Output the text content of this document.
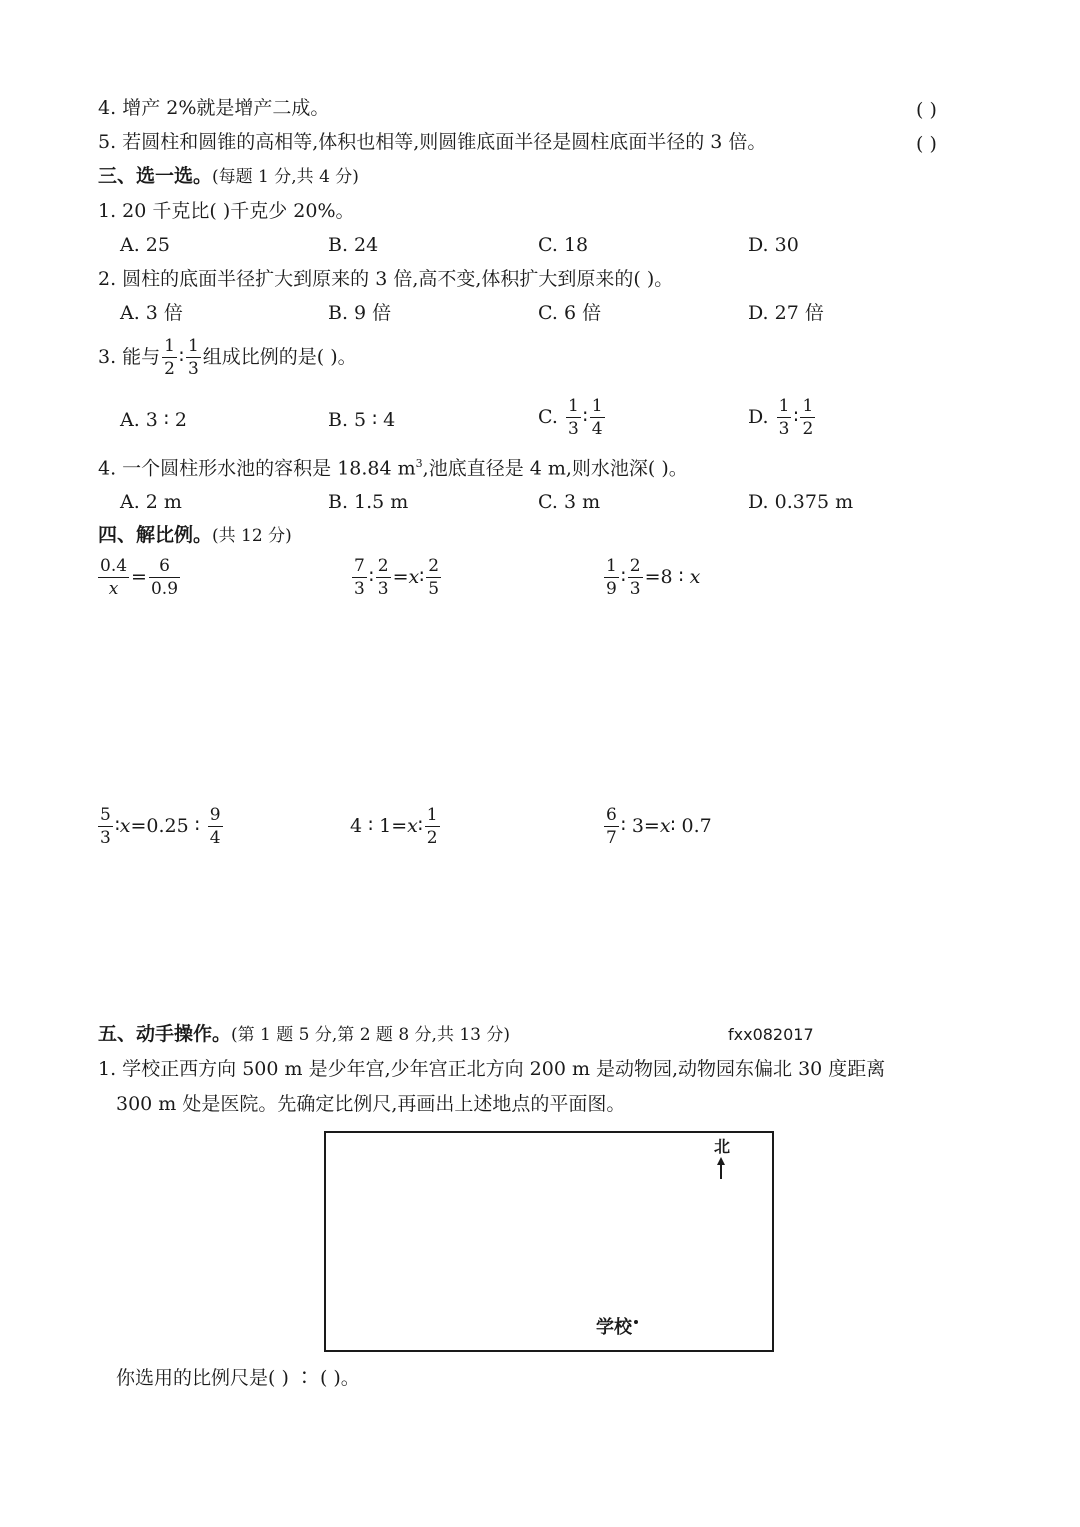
4. 增产 2%就是增产二成。	( )
5. 若圆柱和圆锥的高相等,体积也相等,则圆锥底面半径是圆柱底面半径的 3 倍。	( )
三、选一选。(每题 1 分,共 4 分)
1. 20 千克比( )千克少 20%。
A. 25	B. 24	C. 18	D. 30
2. 圆柱的底面半径扩大到原来的 3 倍,高不变,体积扩大到原来的( )。
A. 3 倍	B. 9 倍	C. 6 倍	D. 27 倍
3. 能与 $\frac{1}{2}$ ∶ $\frac{1}{3}$ 组成比例的是( )。
A. 3 ∶ 2	B. 5 ∶ 4	C. $\frac{1}{3}$ ∶ $\frac{1}{4}$	D. $\frac{1}{3}$ ∶ $\frac{1}{2}$
4. 一个圆柱形水池的容积是 18.84 $m^3$,池底直径是 4 m,则水池深( )。
A. 2 m	B. 1.5 m	C. 3 m	D. 0.375 m
四、解比例。(共 12 分)
$\frac{0.4}{x} = \frac{6}{0.9}$	$\frac{7}{3}$ ∶ $\frac{2}{3}$ =x∶ $\frac{2}{5}$	$\frac{1}{9}$ ∶ $\frac{2}{3} =8$ ∶ x
$\frac{5}{3}$ ∶x=0.25 ∶ $\frac{9}{4}$	4 ∶ 1=x∶ $\frac{1}{2}$	$\frac{6}{7}$ ∶ 3=x∶ 0.7
五、动手操作。(第 1 题 5 分,第 2 题 8 分,共 13 分)	fxx082017
1. 学校正西方向 500 m 是少年宫,少年宫正北方向 200 m 是动物园,动物园东偏北 30 度距离
300 m 处是医院。先确定比例尺,再画出上述地点的平面图。
北
学校
你选用的比例尺是( ) ∶ ( )。
